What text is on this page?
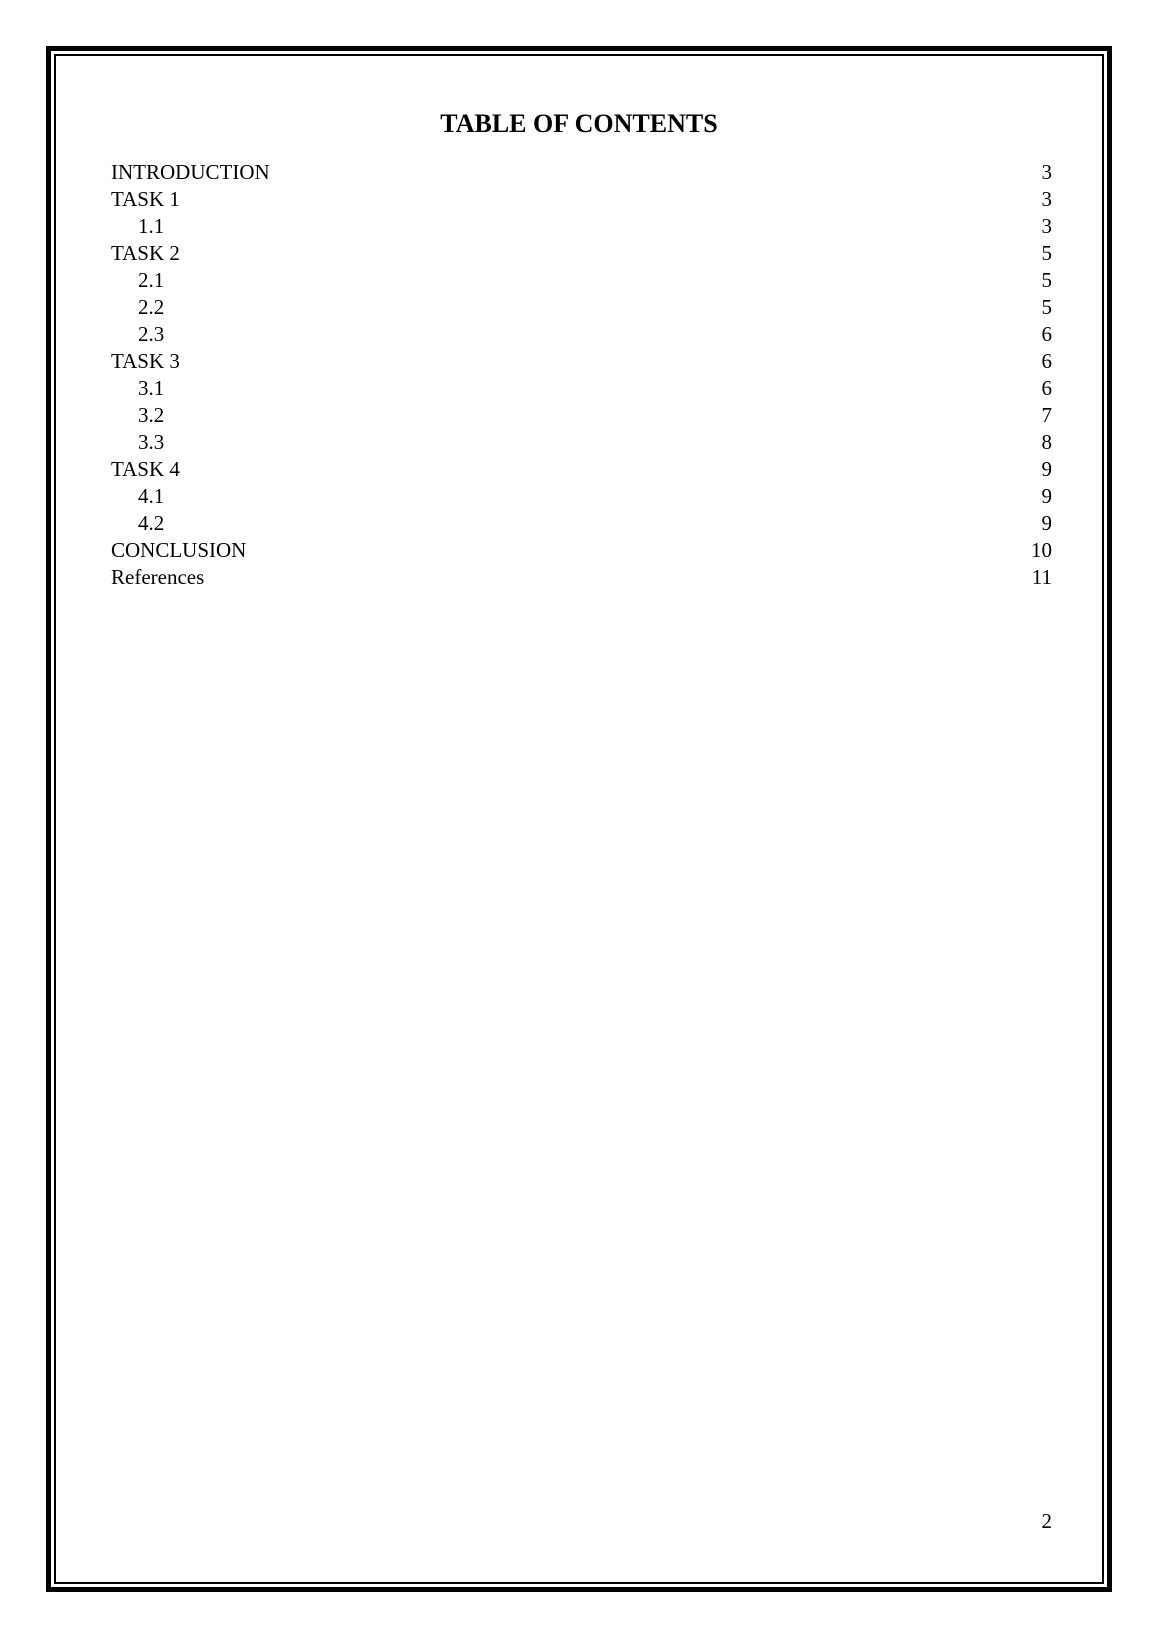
TABLE OF CONTENTS
INTRODUCTION	3
TASK 1	3
1.1	3
TASK 2	5
2.1	5
2.2	5
2.3	6
TASK 3	6
3.1	6
3.2	7
3.3	8
TASK 4	9
4.1	9
4.2	9
CONCLUSION	10
References	11
2
